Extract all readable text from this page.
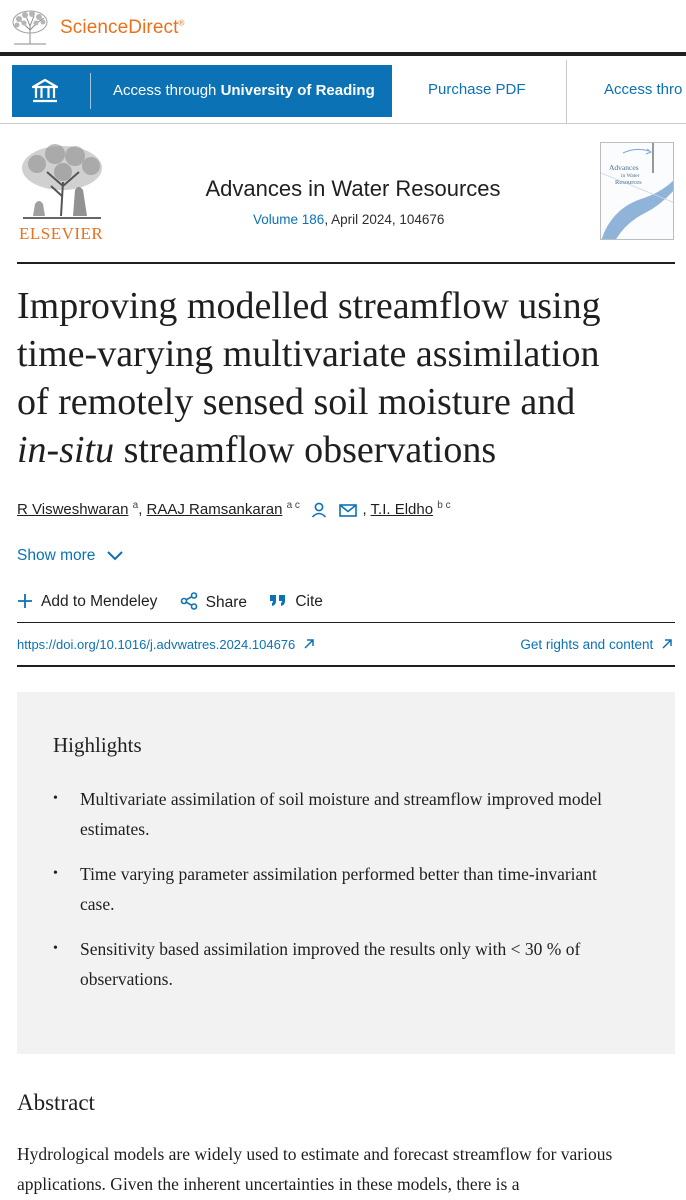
ScienceDirect®
Access through University of Reading	Purchase PDF	Access thro
ELSEVIER
Advances in Water Resources
Volume 186, April 2024, 104676
Advances
in Water
Resources
Improving modelled streamflow using
time-varying multivariate assimilation
of remotely sensed soil moisture and
in-situ streamflow observations
R Visweshwaran $^a$, RAAJ Ramsankaran $^{a c}$	, T.I. Eldho $^{b c}$
Show more
Add to Mendeley	Share	Cite
https://doi.org/10.1016/j.advwatres.2024.104676	Get rights and content
Highlights
• Multivariate assimilation of soil moisture and streamflow improved model estimates.
• Time varying parameter assimilation performed better than time-invariant case.
• Sensitivity based assimilation improved the results only with < 30 % of observations.
Abstract

Hydrological models are widely used to estimate and forecast streamflow for various applications. Given the inherent uncertainties in these models, there is a
